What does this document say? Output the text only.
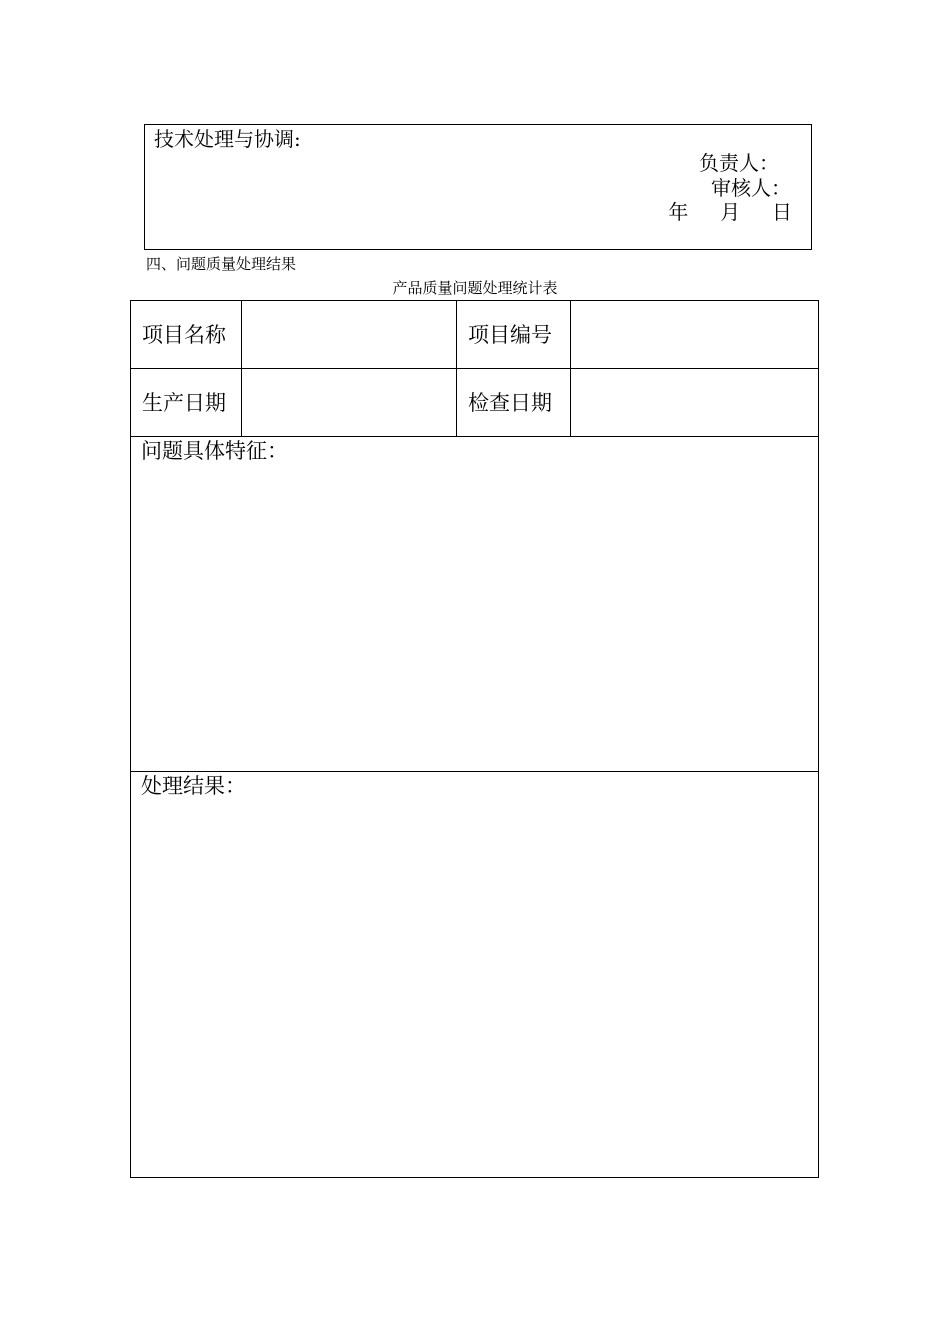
技术处理与协调:
负责人：
审核人：
年 月 日
四、问题质量处理结果
产品质量问题处理统计表
项目名称	项目编号
生产日期	检查日期
问题具体特征：
处理结果：
